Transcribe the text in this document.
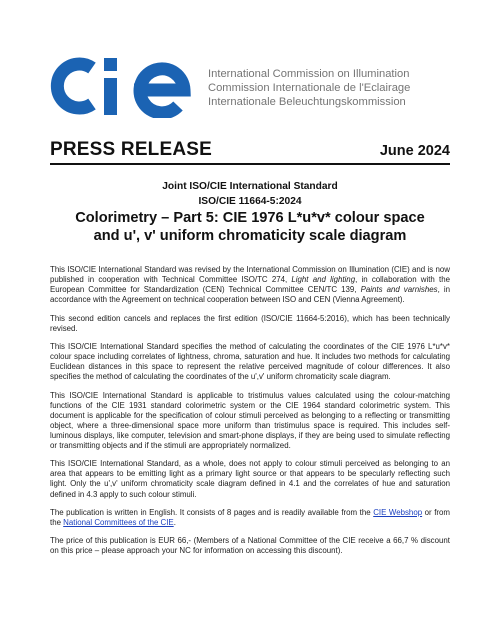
International Commission on Illumination
Commission Internationale de l'Eclairage
Internationale Beleuchtungskommission
PRESS RELEASE	June 2024
Joint ISO/CIE International Standard
ISO/CIE 11664-5:2024
Colorimetry – Part 5: CIE 1976 L*u*v* colour space and u', v' uniform chromaticity scale diagram

This ISO/CIE International Standard was revised by the International Commission on Illumination (CIE) and is now published in cooperation with Technical Committee ISO/TC 274, Light and lighting, in collaboration with the European Committee for Standardization (CEN) Technical Committee CEN/TC 139, Paints and varnishes, in accordance with the Agreement on technical cooperation between ISO and CEN (Vienna Agreement).

This second edition cancels and replaces the first edition (ISO/CIE 11664-5:2016), which has been technically revised.

This ISO/CIE International Standard specifies the method of calculating the coordinates of the CIE 1976 L*u*v* colour space including correlates of lightness, chroma, saturation and hue. It includes two methods for calculating Euclidean distances in this space to represent the relative perceived magnitude of colour differences. It also specifies the method of calculating the coordinates of the u',v' uniform chromaticity scale diagram.

This ISO/CIE International Standard is applicable to tristimulus values calculated using the colour-matching functions of the CIE 1931 standard colorimetric system or the CIE 1964 standard colorimetric system. This document is applicable for the specification of colour stimuli perceived as belonging to a reflecting or transmitting object, where a three-dimensional space more uniform than tristimulus space is required. This includes self-luminous displays, like computer, television and smart-phone displays, if they are being used to simulate reflecting or transmitting objects and if the stimuli are appropriately normalized.

This ISO/CIE International Standard, as a whole, does not apply to colour stimuli perceived as belonging to an area that appears to be emitting light as a primary light source or that appears to be specularly reflecting such light. Only the u',v' uniform chromaticity scale diagram defined in 4.1 and the correlates of hue and saturation defined in 4.3 apply to such colour stimuli.

The publication is written in English. It consists of 8 pages and is readily available from the CIE Webshop or from the National Committees of the CIE.

The price of this publication is EUR 66,- (Members of a National Committee of the CIE receive a 66,7 % discount on this price – please approach your NC for information on accessing this discount).
